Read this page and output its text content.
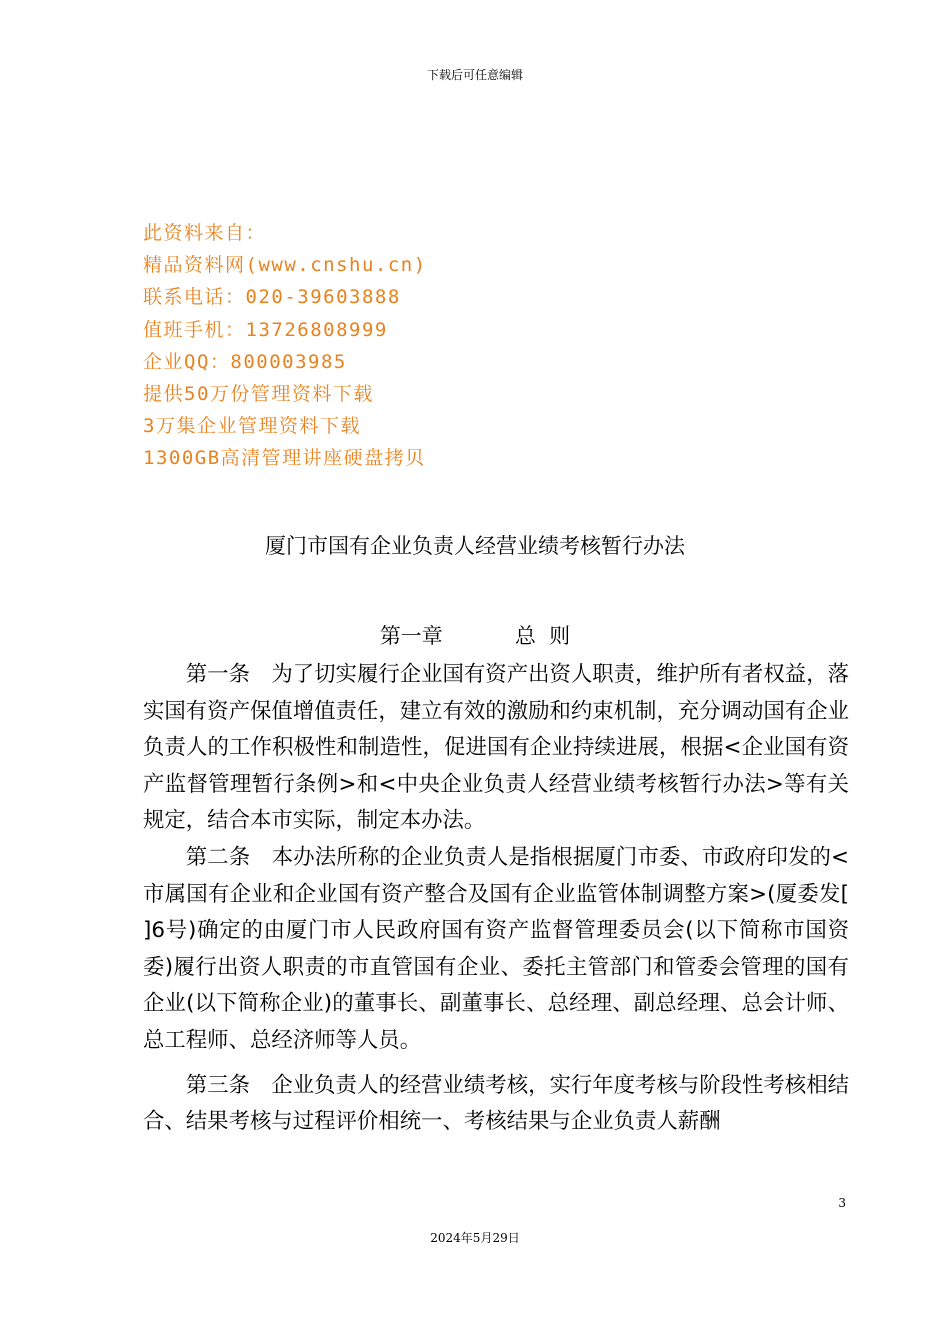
下载后可任意编辑
此资料来自：
精品资料网(www.cnshu.cn)
联系电话：020-39603888
值班手机：13726808999
企业QQ：800003985
提供50万份管理资料下载
3万集企业管理资料下载
1300GB高清管理讲座硬盘拷贝
厦门市国有企业负责人经营业绩考核暂行办法
第一章	总  则

第一条 为了切实履行企业国有资产出资人职责，维护所有者权益，落实国有资产保值增值责任，建立有效的激励和约束机制，充分调动国有企业负责人的工作积极性和制造性，促进国有企业持续进展，根据<企业国有资产监督管理暂行条例>和<中央企业负责人经营业绩考核暂行办法>等有关规定，结合本市实际，制定本办法。

第二条 本办法所称的企业负责人是指根据厦门市委、市政府印发的<市属国有企业和企业国有资产整合及国有企业监管体制调整方案>(厦委发[ ]6号)确定的由厦门市人民政府国有资产监督管理委员会(以下简称市国资委)履行出资人职责的市直管国有企业、委托主管部门和管委会管理的国有企业(以下简称企业)的董事长、副董事长、总经理、副总经理、总会计师、总工程师、总经济师等人员。

第三条 企业负责人的经营业绩考核，实行年度考核与阶段性考核相结合、结果考核与过程评价相统一、考核结果与企业负责人薪酬

3
2024年5月29日
